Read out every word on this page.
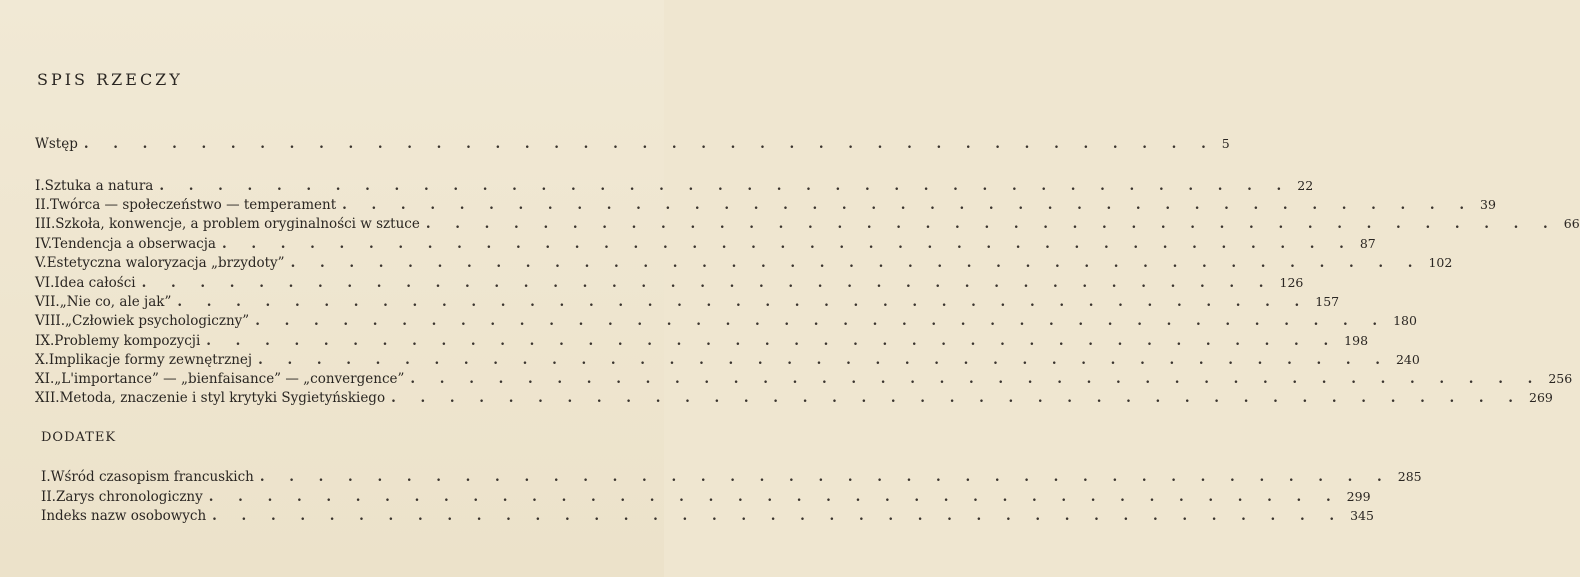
SPIS RZECZY
Wstęp . . . . . . . . . . . . . . . . . . . . . . . . . . . . . . . . . . . . . . . 5
I. Sztuka a natura . . . . . . . . . . . . . . . . . . . . . . . . . . . . . . . . . . . . . . . 22
II. Twórca — społeczeństwo — temperament . . . . . . . . . . . . . . . . . . . . . . . . . . . . . . . . . . . . . . . 39
III. Szkoła, konwencje, a problem oryginalności w sztuce . . . . . . . . . . . . . . . . . . . . . . . . . . . . . . . . . . . . . . . 66
IV. Tendencja a obserwacja . . . . . . . . . . . . . . . . . . . . . . . . . . . . . . . . . . . . . . . 87
V. Estetyczna waloryzacja „brzydoty” . . . . . . . . . . . . . . . . . . . . . . . . . . . . . . . . . . . . . . . 102
VI. Idea całości . . . . . . . . . . . . . . . . . . . . . . . . . . . . . . . . . . . . . . . 126
VII. „Nie co, ale jak” . . . . . . . . . . . . . . . . . . . . . . . . . . . . . . . . . . . . . . . 157
VIII. „Człowiek psychologiczny” . . . . . . . . . . . . . . . . . . . . . . . . . . . . . . . . . . . . . . . 180
IX. Problemy kompozycji . . . . . . . . . . . . . . . . . . . . . . . . . . . . . . . . . . . . . . . 198
X. Implikacje formy zewnętrznej . . . . . . . . . . . . . . . . . . . . . . . . . . . . . . . . . . . . . . . 240
XI. „L'importance” — „bienfaisance” — „convergence” . . . . . . . . . . . . . . . . . . . . . . . . . . . . . . . . . . . . . . . 256
XII. Metoda, znaczenie i styl krytyki Sygietyńskiego . . . . . . . . . . . . . . . . . . . . . . . . . . . . . . . . . . . . . . . 269
DODATEK
I. Wśród czasopism francuskich . . . . . . . . . . . . . . . . . . . . . . . . . . . . . . . . . . . . . . . 285
II. Zarys chronologiczny . . . . . . . . . . . . . . . . . . . . . . . . . . . . . . . . . . . . . . . 299
Indeks nazw osobowych . . . . . . . . . . . . . . . . . . . . . . . . . . . . . . . . . . . . . . . 345
